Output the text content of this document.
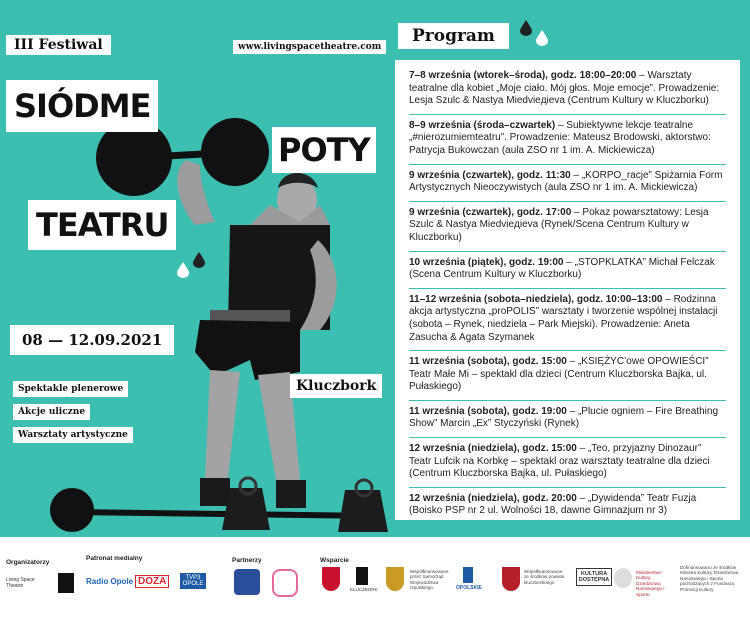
III Festiwal	www.livingspacetheatre.com
SIÓDME
POTY
TEATRU
08 — 12.09.2021
Kluczbork
Spektakle plenerowe
Akcje uliczne
Warsztaty artystyczne
Program

7–8 września (wtorek–środa), godz. 18:00–20:00 – Warsztaty teatralne dla kobiet „Moje ciało. Mój głos. Moje emocje”. Prowadzenie: Lesja Szulc & Nastya Miedvieдieva (Centrum Kultury w Kluczborku)

8–9 września (środa–czwartek) – Subiektywne lekcje teatralne „#nierozumiemteatru”. Prowadzenie: Mateusz Brodowski, aktorstwo: Patrycja Bukowczan (aula ZSO nr 1 im. A. Mickiewicza)

9 września (czwartek), godz. 11:30 – „KORPO_racje” Spiżarnia Form Artystycznych Nieoczywistych (aula ZSO nr 1 im. A. Mickiewicza)

9 września (czwartek), godz. 17:00 – Pokaz powarsztatowy: Lesja Szulc & Nastya Miedvieдieva (Rynek/Scena Centrum Kultury w Kluczborku)

10 września (piątek), godz. 19:00 – „STOPKLATKA” Michał Felczak (Scena Centrum Kultury w Kluczborku)

11–12 września (sobota–niedziela), godz. 10:00–13:00 – Rodzinna akcja artystyczna „proPOLIS” warsztaty i tworzenie wspólnej instalacji (sobota – Rynek, niedziela – Park Miejski). Prowadzenie: Aneta Zasucha & Agata Szymanek

11 września (sobota), godz. 15:00 – „KSIĘŻYC’owe OPOWIEŚCI” Teatr Małe Mi – spektakl dla dzieci (Centrum Kluczborska Bajka, ul. Pułaskiego)

11 września (sobota), godz. 19:00 – „Plucie ogniem – Fire Breathing Show” Marcin „Ex” Styczyński (Rynek)

12 września (niedziela), godz. 15:00 – „Teo, przyjazny Dinozaur” Teatr Lufcik na Korbkę – spektakl oraz warsztaty teatralne dla dzieci (Centrum Kluczborska Bajka, ul. Pułaskiego)

12 września (niedziela), godz. 20:00 – „Dywidenda” Teatr Fuzja (Boisko PSP nr 2 ul. Wolności 18, dawne Gimnazjum nr 3)

Organizatorzy
Patronat medialny	Partnerzy	Wsparcie
Living Space Theatre	Radio Opole DOZA	TVP3 OPOLE
KLUCZBORK
Współfinansowane przez Samorząd Województwa Opolskiego	OPOLSKIE
Współfinansowane ze środków powiatu kluczborskiego
KULTURA DOSTĘPNA
Ministerstwo Kultury, Dziedzictwa Narodowego i Sportu
Dofinansowano ze środków Ministra Kultury, Dziedzictwa Narodowego i Sportu pochodzących z Funduszu Promocji Kultury
